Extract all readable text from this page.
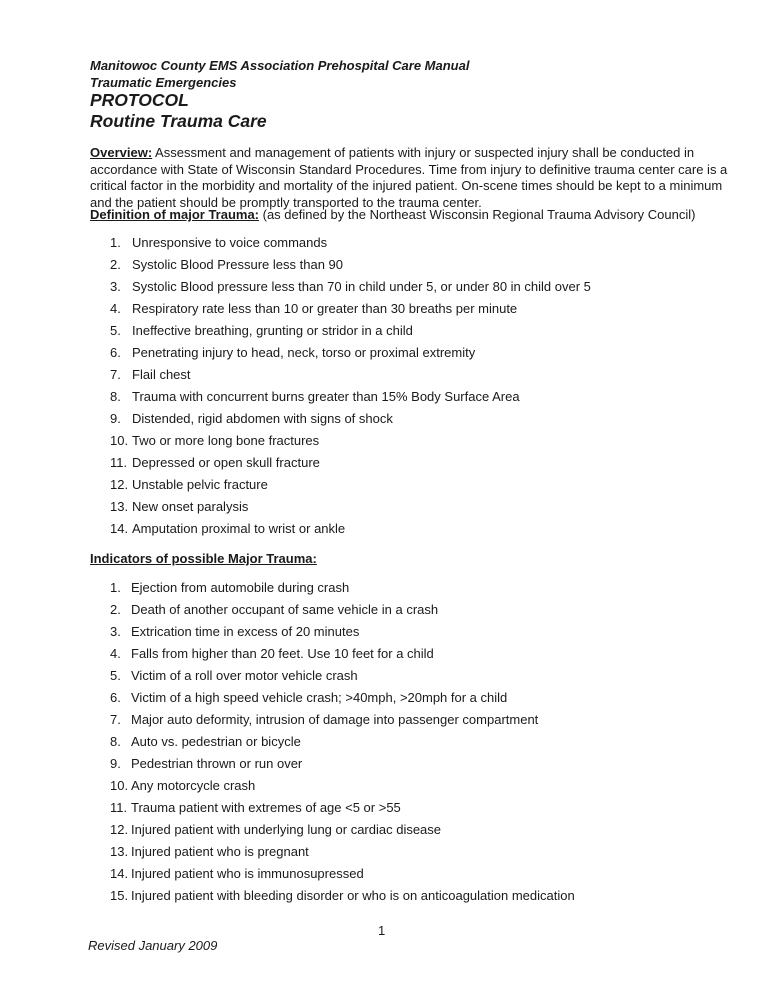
Manitowoc County EMS Association Prehospital Care Manual
Traumatic Emergencies
PROTOCOL
Routine Trauma Care

Overview: Assessment and management of patients with injury or suspected injury shall be conducted in accordance with State of Wisconsin Standard Procedures. Time from injury to definitive trauma center care is a critical factor in the morbidity and mortality of the injured patient. On-scene times should be kept to a minimum and the patient should be promptly transported to the trauma center.

Definition of major Trauma: (as defined by the Northeast Wisconsin Regional Trauma Advisory Council)
1. Unresponsive to voice commands
2. Systolic Blood Pressure less than 90
3. Systolic Blood pressure less than 70 in child under 5, or under 80 in child over 5
4. Respiratory rate less than 10 or greater than 30 breaths per minute
5. Ineffective breathing, grunting or stridor in a child
6. Penetrating injury to head, neck, torso or proximal extremity
7. Flail chest
8. Trauma with concurrent burns greater than 15% Body Surface Area
9. Distended, rigid abdomen with signs of shock
10. Two or more long bone fractures
11. Depressed or open skull fracture
12. Unstable pelvic fracture
13. New onset paralysis
14. Amputation proximal to wrist or ankle
Indicators of possible Major Trauma:
1. Ejection from automobile during crash
2. Death of another occupant of same vehicle in a crash
3. Extrication time in excess of 20 minutes
4. Falls from higher than 20 feet. Use 10 feet for a child
5. Victim of a roll over motor vehicle crash
6. Victim of a high speed vehicle crash; >40mph, >20mph for a child
7. Major auto deformity, intrusion of damage into passenger compartment
8. Auto vs. pedestrian or bicycle
9. Pedestrian thrown or run over
10. Any motorcycle crash
11. Trauma patient with extremes of age <5 or >55
12. Injured patient with underlying lung or cardiac disease
13. Injured patient who is pregnant
14. Injured patient who is immunosupressed
15. Injured patient with bleeding disorder or who is on anticoagulation medication
1
Revised January 2009
